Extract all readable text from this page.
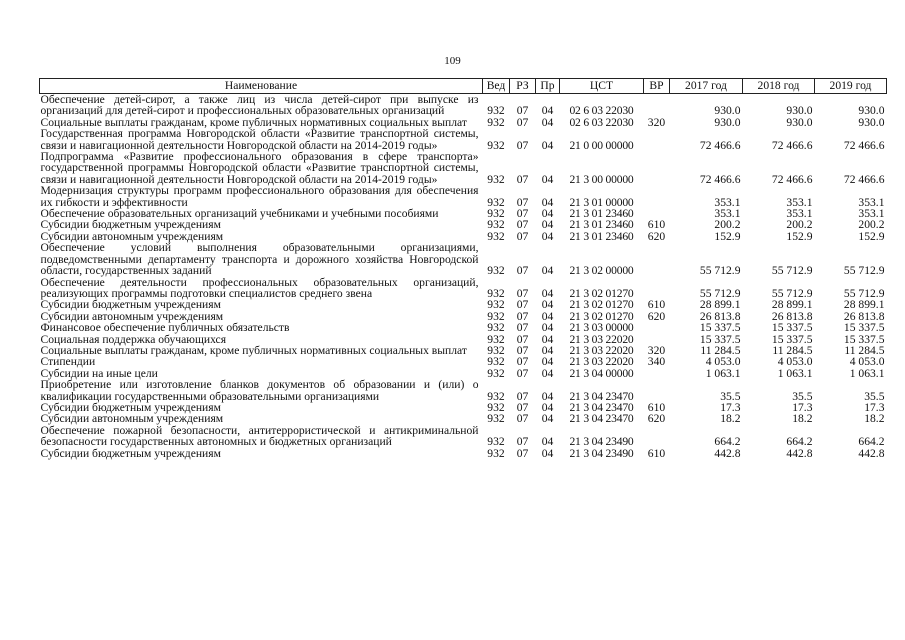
109
Наименование	Вед	РЗ	Пр	ЦСТ	ВР	2017 год	2018 год	2019 год
Обеспечение детей-сирот, а также лиц из числа детей-сирот при выпуске из организаций для детей-сирот и профессиональных образовательных организаций	932	07	04	02 6 03 22030		930.0	930.0	930.0
Социальные выплаты гражданам, кроме публичных нормативных социальных выплат	932	07	04	02 6 03 22030	320	930.0	930.0	930.0
Государственная программа Новгородской области «Развитие транспортной системы, связи и навигационной деятельности Новгородской области на 2014-2019 годы»	932	07	04	21 0 00 00000		72 466.6	72 466.6	72 466.6
Подпрограмма «Развитие профессионального образования в сфере транспорта» государственной программы Новгородской области «Развитие транспортной системы, связи и навигационной деятельности Новгородской области на 2014-2019 годы»	932	07	04	21 3 00 00000		72 466.6	72 466.6	72 466.6
Модернизация структуры программ профессионального образования для обеспечения их гибкости и эффективности	932	07	04	21 3 01 00000		353.1	353.1	353.1
Обеспечение образовательных организаций учебниками и учебными пособиями	932	07	04	21 3 01 23460		353.1	353.1	353.1
Субсидии бюджетным учреждениям	932	07	04	21 3 01 23460	610	200.2	200.2	200.2
Субсидии автономным учреждениям	932	07	04	21 3 01 23460	620	152.9	152.9	152.9
Обеспечение условий выполнения образовательными организациями, подведомственными департаменту транспорта и дорожного хозяйства Новгородской области, государственных заданий	932	07	04	21 3 02 00000		55 712.9	55 712.9	55 712.9
Обеспечение деятельности профессиональных образовательных организаций, реализующих программы подготовки специалистов среднего звена	932	07	04	21 3 02 01270		55 712.9	55 712.9	55 712.9
Субсидии бюджетным учреждениям	932	07	04	21 3 02 01270	610	28 899.1	28 899.1	28 899.1
Субсидии автономным учреждениям	932	07	04	21 3 02 01270	620	26 813.8	26 813.8	26 813.8
Финансовое обеспечение публичных обязательств	932	07	04	21 3 03 00000		15 337.5	15 337.5	15 337.5
Социальная поддержка обучающихся	932	07	04	21 3 03 22020		15 337.5	15 337.5	15 337.5
Социальные выплаты гражданам, кроме публичных нормативных социальных выплат	932	07	04	21 3 03 22020	320	11 284.5	11 284.5	11 284.5
Стипендии	932	07	04	21 3 03 22020	340	4 053.0	4 053.0	4 053.0
Субсидии на иные цели	932	07	04	21 3 04 00000		1 063.1	1 063.1	1 063.1
Приобретение или изготовление бланков документов об образовании и (или) о квалификации государственными образовательными организациями	932	07	04	21 3 04 23470		35.5	35.5	35.5
Субсидии бюджетным учреждениям	932	07	04	21 3 04 23470	610	17.3	17.3	17.3
Субсидии автономным учреждениям	932	07	04	21 3 04 23470	620	18.2	18.2	18.2
Обеспечение пожарной безопасности, антитеррористической и антикриминальной безопасности государственных автономных и бюджетных организаций	932	07	04	21 3 04 23490		664.2	664.2	664.2
Субсидии бюджетным учреждениям	932	07	04	21 3 04 23490	610	442.8	442.8	442.8
